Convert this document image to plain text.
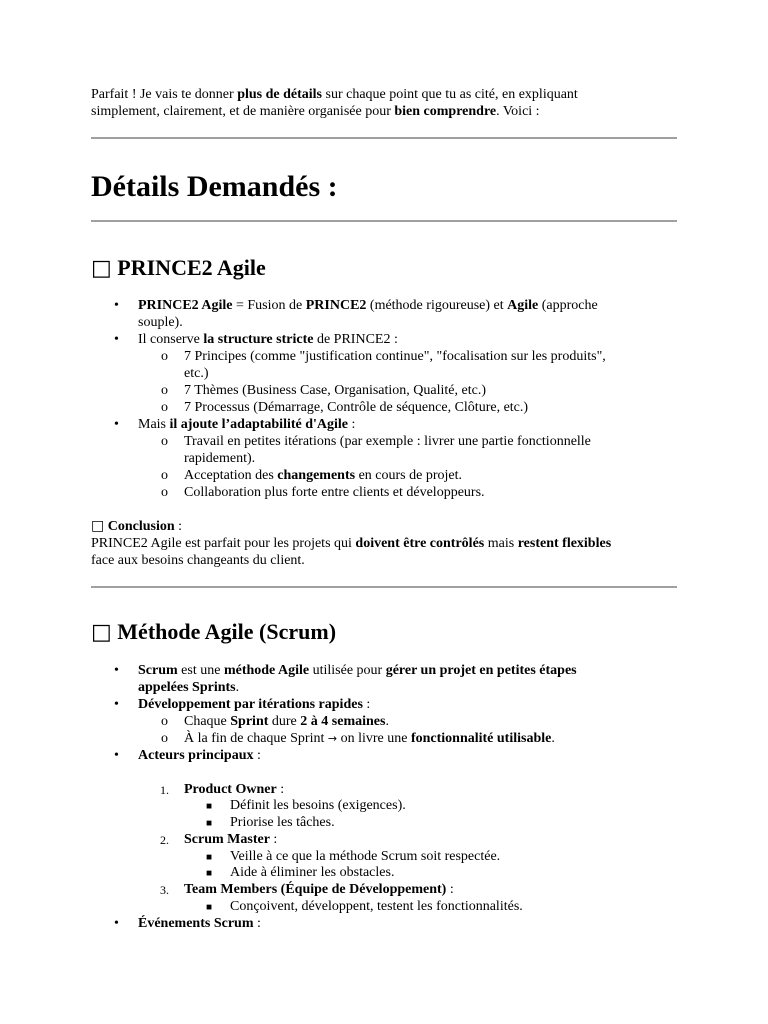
Parfait ! Je vais te donner plus de détails sur chaque point que tu as cité, en expliquant
simplement, clairement, et de manière organisée pour bien comprendre. Voici :
Détails Demandés :
□ PRINCE2 Agile
• PRINCE2 Agile = Fusion de PRINCE2 (méthode rigoureuse) et Agile (approche
souple).
• Il conserve la structure stricte de PRINCE2 :
o 7 Principes (comme "justification continue", "focalisation sur les produits",
etc.)
o 7 Thèmes (Business Case, Organisation, Qualité, etc.)
o 7 Processus (Démarrage, Contrôle de séquence, Clôture, etc.)
• Mais il ajoute l’adaptabilité d'Agile :
o Travail en petites itérations (par exemple : livrer une partie fonctionnelle
rapidement).
o Acceptation des changements en cours de projet.
o Collaboration plus forte entre clients et développeurs.
□ Conclusion :
PRINCE2 Agile est parfait pour les projets qui doivent être contrôlés mais restent flexibles
face aux besoins changeants du client.
□ Méthode Agile (Scrum)
• Scrum est une méthode Agile utilisée pour gérer un projet en petites étapes
appelées Sprints.
• Développement par itérations rapides :
o Chaque Sprint dure 2 à 4 semaines.
o À la fin de chaque Sprint → on livre une fonctionnalité utilisable.
• Acteurs principaux :
1. Product Owner :
■ Définit les besoins (exigences).
■ Priorise les tâches.
2. Scrum Master :
■ Veille à ce que la méthode Scrum soit respectée.
■ Aide à éliminer les obstacles.
3. Team Members (Équipe de Développement) :
■ Conçoivent, développent, testent les fonctionnalités.
• Événements Scrum :
